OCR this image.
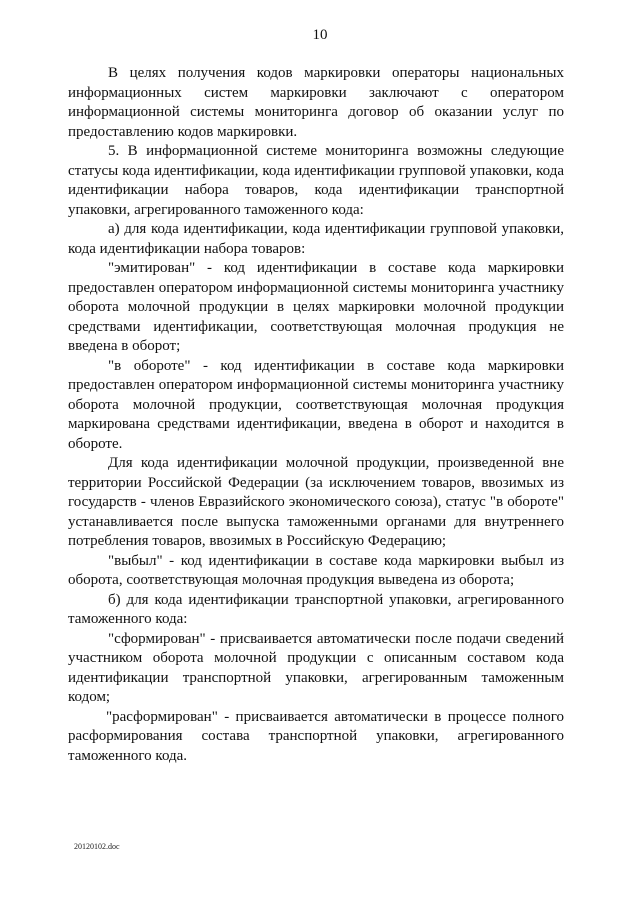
10

В целях получения кодов маркировки операторы национальных информационных систем маркировки заключают с оператором информационной системы мониторинга договор об оказании услуг по предоставлению кодов маркировки.

5. В информационной системе мониторинга возможны следующие статусы кода идентификации, кода идентификации групповой упаковки, кода идентификации набора товаров, кода идентификации транспортной упаковки, агрегированного таможенного кода:

а) для кода идентификации, кода идентификации групповой упаковки, кода идентификации набора товаров:

"эмитирован" - код идентификации в составе кода маркировки предоставлен оператором информационной системы мониторинга участнику оборота молочной продукции в целях маркировки молочной продукции средствами идентификации, соответствующая молочная продукция не введена в оборот;

"в обороте" - код идентификации в составе кода маркировки предоставлен оператором информационной системы мониторинга участнику оборота молочной продукции, соответствующая молочная продукция маркирована средствами идентификации, введена в оборот и находится в обороте.

Для кода идентификации молочной продукции, произведенной вне территории Российской Федерации (за исключением товаров, ввозимых из государств - членов Евразийского экономического союза), статус "в обороте" устанавливается после выпуска таможенными органами для внутреннего потребления товаров, ввозимых в Российскую Федерацию;

"выбыл" - код идентификации в составе кода маркировки выбыл из оборота, соответствующая молочная продукция выведена из оборота;

б) для кода идентификации транспортной упаковки, агрегированного таможенного кода:

"сформирован" - присваивается автоматически после подачи сведений участником оборота молочной продукции с описанным составом кода идентификации транспортной упаковки, агрегированным таможенным кодом;

"расформирован" - присваивается автоматически в процессе полного расформирования состава транспортной упаковки, агрегированного таможенного кода.

20120102.doc
